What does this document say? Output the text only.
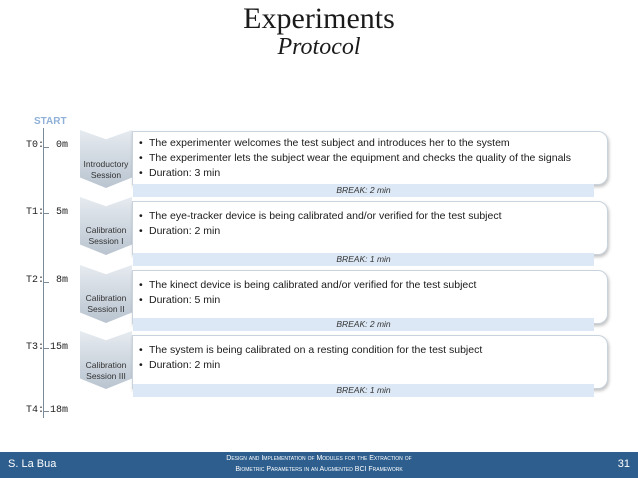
Experiments
Protocol
START
T0:  0m
T1:  5m
T2:  8m
T3: 15m
T4: 18m
Introductory
Session
• The experimenter welcomes the test subject and introduces her to the system
• The experimenter lets the subject wear the equipment and checks the quality of the signals
• Duration: 3 min
BREAK: 2 min
Calibration
Session I
• The eye-tracker device is being calibrated and/or verified for the test subject
• Duration: 2 min
BREAK: 1 min
Calibration
Session II
• The kinect device is being calibrated and/or verified for the test subject
• Duration: 5 min
BREAK: 2 min
Calibration
Session III
• The system is being calibrated on a resting condition for the test subject
• Duration: 2 min
BREAK: 1 min
S. La Bua	Design and Implementation of Modules for the Extraction of
Biometric Parameters in an Augmented BCI Framework	31
